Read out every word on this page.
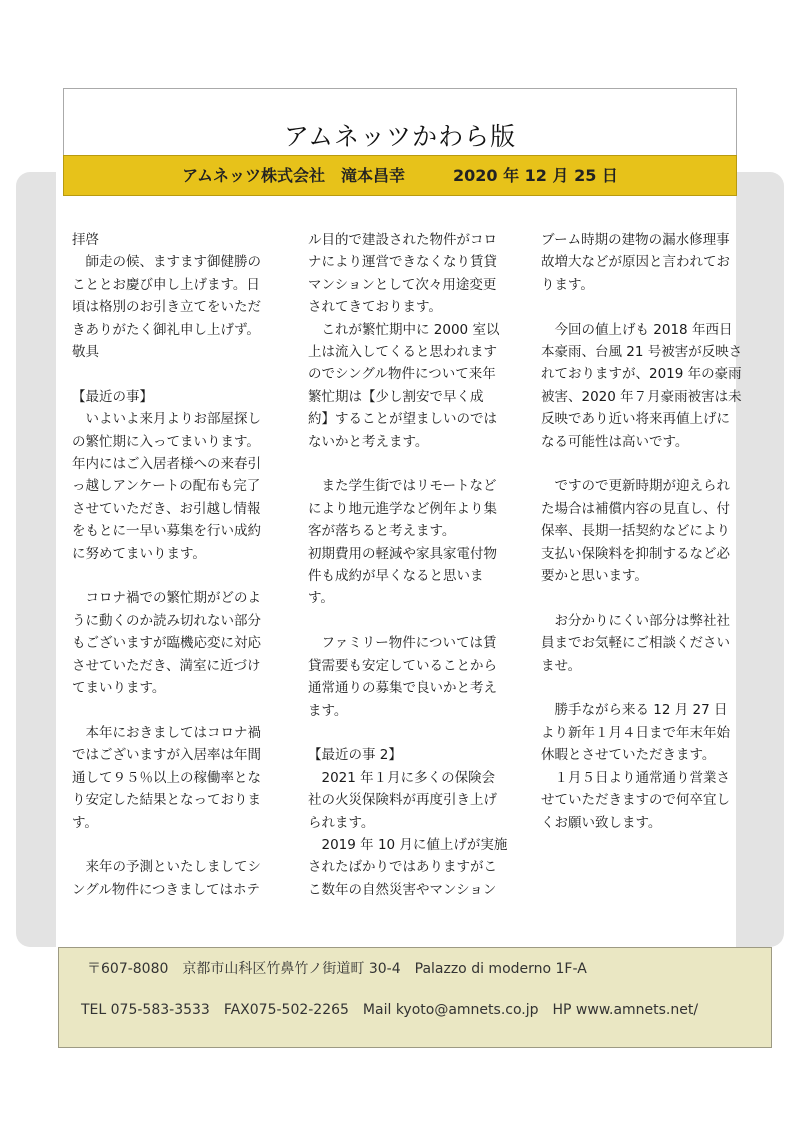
アムネッツかわら版
アムネッツ株式会社　 滝本昌幸　　　	2020 年 12 月 25 日

拝啓

　師走の候、ますます御健勝の

こととお慶び申し上げます。日

頃は格別のお引き立てをいただ

きありがたく御礼申し上げず。

敬具

【最近の事】

　いよいよ来月よりお部屋探し

の繁忙期に入ってまいります。

年内にはご入居者様への来春引

っ越しアンケートの配布も完了

させていただき、お引越し情報

をもとに一早い募集を行い成約

に努めてまいります。

　コロナ禍での繁忙期がどのよ

うに動くのか読み切れない部分

もございますが臨機応変に対応

させていただき、満室に近づけ

てまいります。

　本年におきましてはコロナ禍

ではございますが入居率は年間

通して９５％以上の稼働率とな

り安定した結果となっておりま

す。

　来年の予測といたしましてシ

ングル物件につきましてはホテ

ル目的で建設された物件がコロ

ナにより運営できなくなり賃貸

マンションとして次々用途変更

されてきております。

　これが繁忙期中に 2000 室以

上は流入してくると思われます

のでシングル物件について来年

繁忙期は【少し割安で早く成

約】することが望ましいのでは

ないかと考えます。

　また学生街ではリモートなど

により地元進学など例年より集

客が落ちると考えます。

初期費用の軽減や家具家電付物

件も成約が早くなると思いま

す。

　ファミリー物件については賃

貸需要も安定していることから

通常通りの募集で良いかと考え

ます。

【最近の事 2】

　2021 年１月に多くの保険会

社の火災保険料が再度引き上げ

られます。

　2019 年 10 月に値上げが実施

されたばかりではありますがこ

こ数年の自然災害やマンション

ブーム時期の建物の漏水修理事

故増大などが原因と言われてお

ります。

　今回の値上げも 2018 年西日

本豪雨、台風 21 号被害が反映さ

れておりますが、2019 年の豪雨

被害、2020 年７月豪雨被害は未

反映であり近い将来再値上げに

なる可能性は高いです。

　ですので更新時期が迎えられ

た場合は補償内容の見直し、付

保率、長期一括契約などにより

支払い保険料を抑制するなど必

要かと思います。

　お分かりにくい部分は弊社社

員までお気軽にご相談ください

ませ。

　勝手ながら来る 12 月 27 日

より新年１月４日まで年末年始

休暇とさせていただきます。

　１月５日より通常通り営業さ

せていただきますので何卒宜し

くお願い致します。

〒607-8080　京都市山科区竹鼻竹ノ街道町 30-4　Palazzo di moderno 1F-A

TEL 075-583-3533　FAX075-502-2265　Mail kyoto@amnets.co.jp　HP www.amnets.net/
